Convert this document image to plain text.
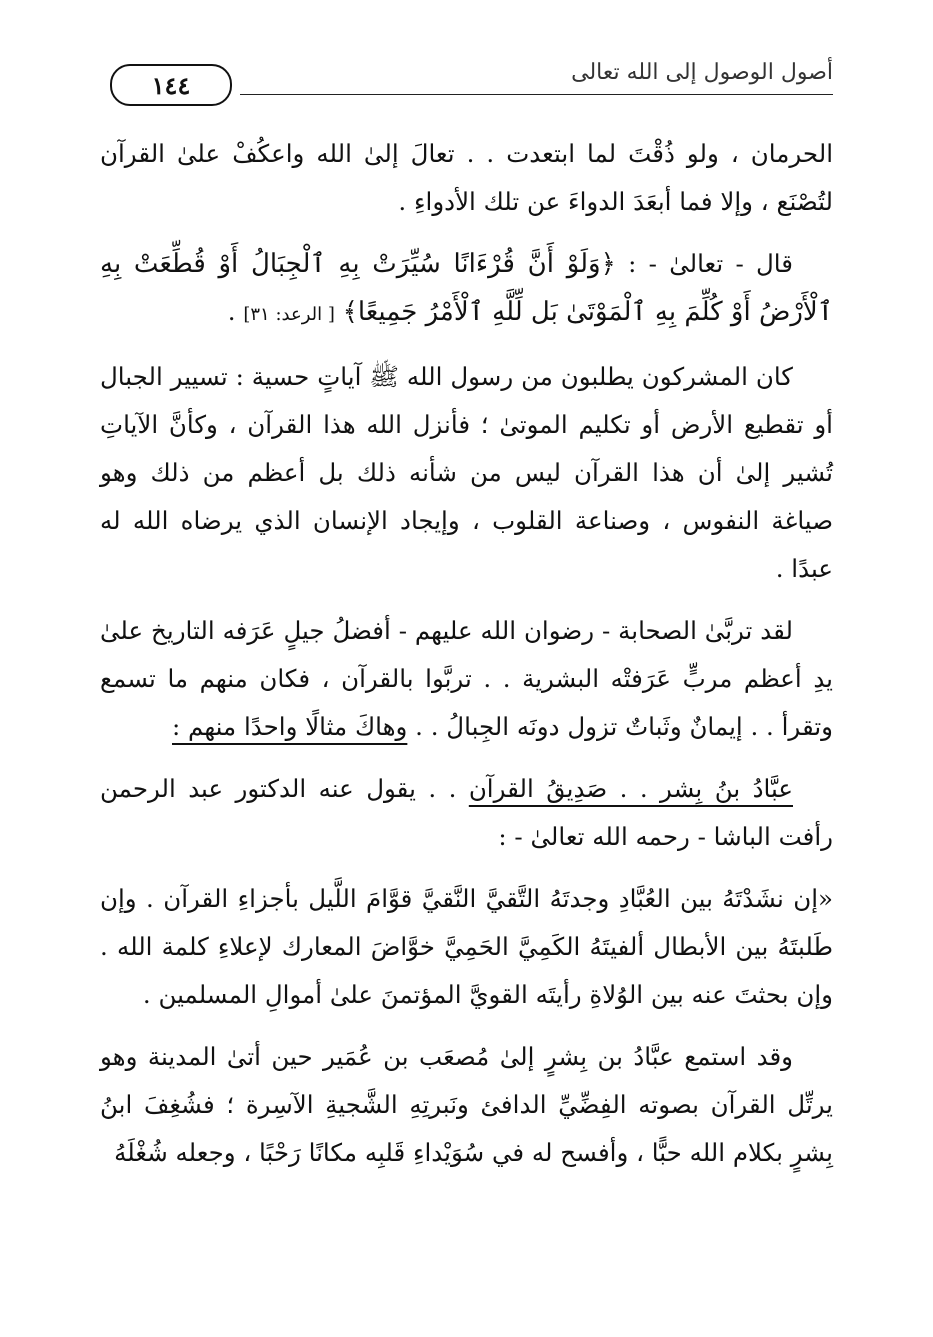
١٤٤	أصول الوصول إلى الله تعالى

الحرمان ، ولو ذُقْتَ لما ابتعدت . . تعالَ إلىٰ الله واعكُفْ علىٰ القرآن لتُصْنَع ، وإلا فما أبعَدَ الدواءَ عن تلك الأدواءِ .

قال - تعالىٰ - : ﴿وَلَوْ أَنَّ قُرْءَانًا سُيِّرَتْ بِهِ ٱلْجِبَالُ أَوْ قُطِّعَتْ بِهِ ٱلْأَرْضُ أَوْ كُلِّمَ بِهِ ٱلْمَوْتَىٰ بَل لِّلَّهِ ٱلْأَمْرُ جَمِيعًا﴾ [ الرعد: ٣١] .

كان المشركون يطلبون من رسول الله ﷺ آياتٍ حسية : تسيير الجبال أو تقطيع الأرض أو تكليم الموتىٰ ؛ فأنزل الله هذا القرآن ، وكأنَّ الآياتِ تُشير إلىٰ أن هذا القرآن ليس من شأنه ذلك بل أعظم من ذلك وهو صياغة النفوس ، وصناعة القلوب ، وإيجاد الإنسان الذي يرضاه الله له عبدًا .

لقد تربَّىٰ الصحابة - رضوان الله عليهم - أفضلُ جيلٍ عَرَفه التاريخ علىٰ يدِ أعظم مربٍّ عَرَفتْه البشرية . . تربَّوا بالقرآن ، فكان منهم ما تسمع وتقرأ . . إيمانٌ وثَباتٌ تزول دونَه الجِبالُ . . وهاكَ مثالًا واحدًا منهم :

عبَّادُ بنُ بِشر . . صَدِيقُ القرآن . . يقول عنه الدكتور عبد الرحمن رأفت الباشا - رحمه الله تعالىٰ - :

«إن نشَدْتَهُ بين العُبَّادِ وجدتَهُ التَّقيَّ النَّقيَّ قوَّامَ اللَّيل بأجزاءِ القرآن . وإن طَلبتَهُ بين الأبطال ألفيتَهُ الكَمِيَّ الحَمِيَّ خوَّاضَ المعارك لإعلاءِ كلمة الله . وإن بحثتَ عنه بين الوُلاةِ رأيتَه القويَّ المؤتمنَ علىٰ أموالِ المسلمين .

وقد استمع عبَّادُ بن بِشرٍ إلىٰ مُصعَب بن عُمَير حين أتىٰ المدينة وهو يرتِّل القرآن بصوته الفِضِّيِّ الدافئ ونَبرتِهِ الشَّجيةِ الآسِرة ؛ فشُغِفَ ابنُ بِشرٍ بكلام الله حبًّا ، وأفسح له في سُوَيْداءِ قَلبِه مكانًا رَحْبًا ، وجعله شُغْلَهُ
